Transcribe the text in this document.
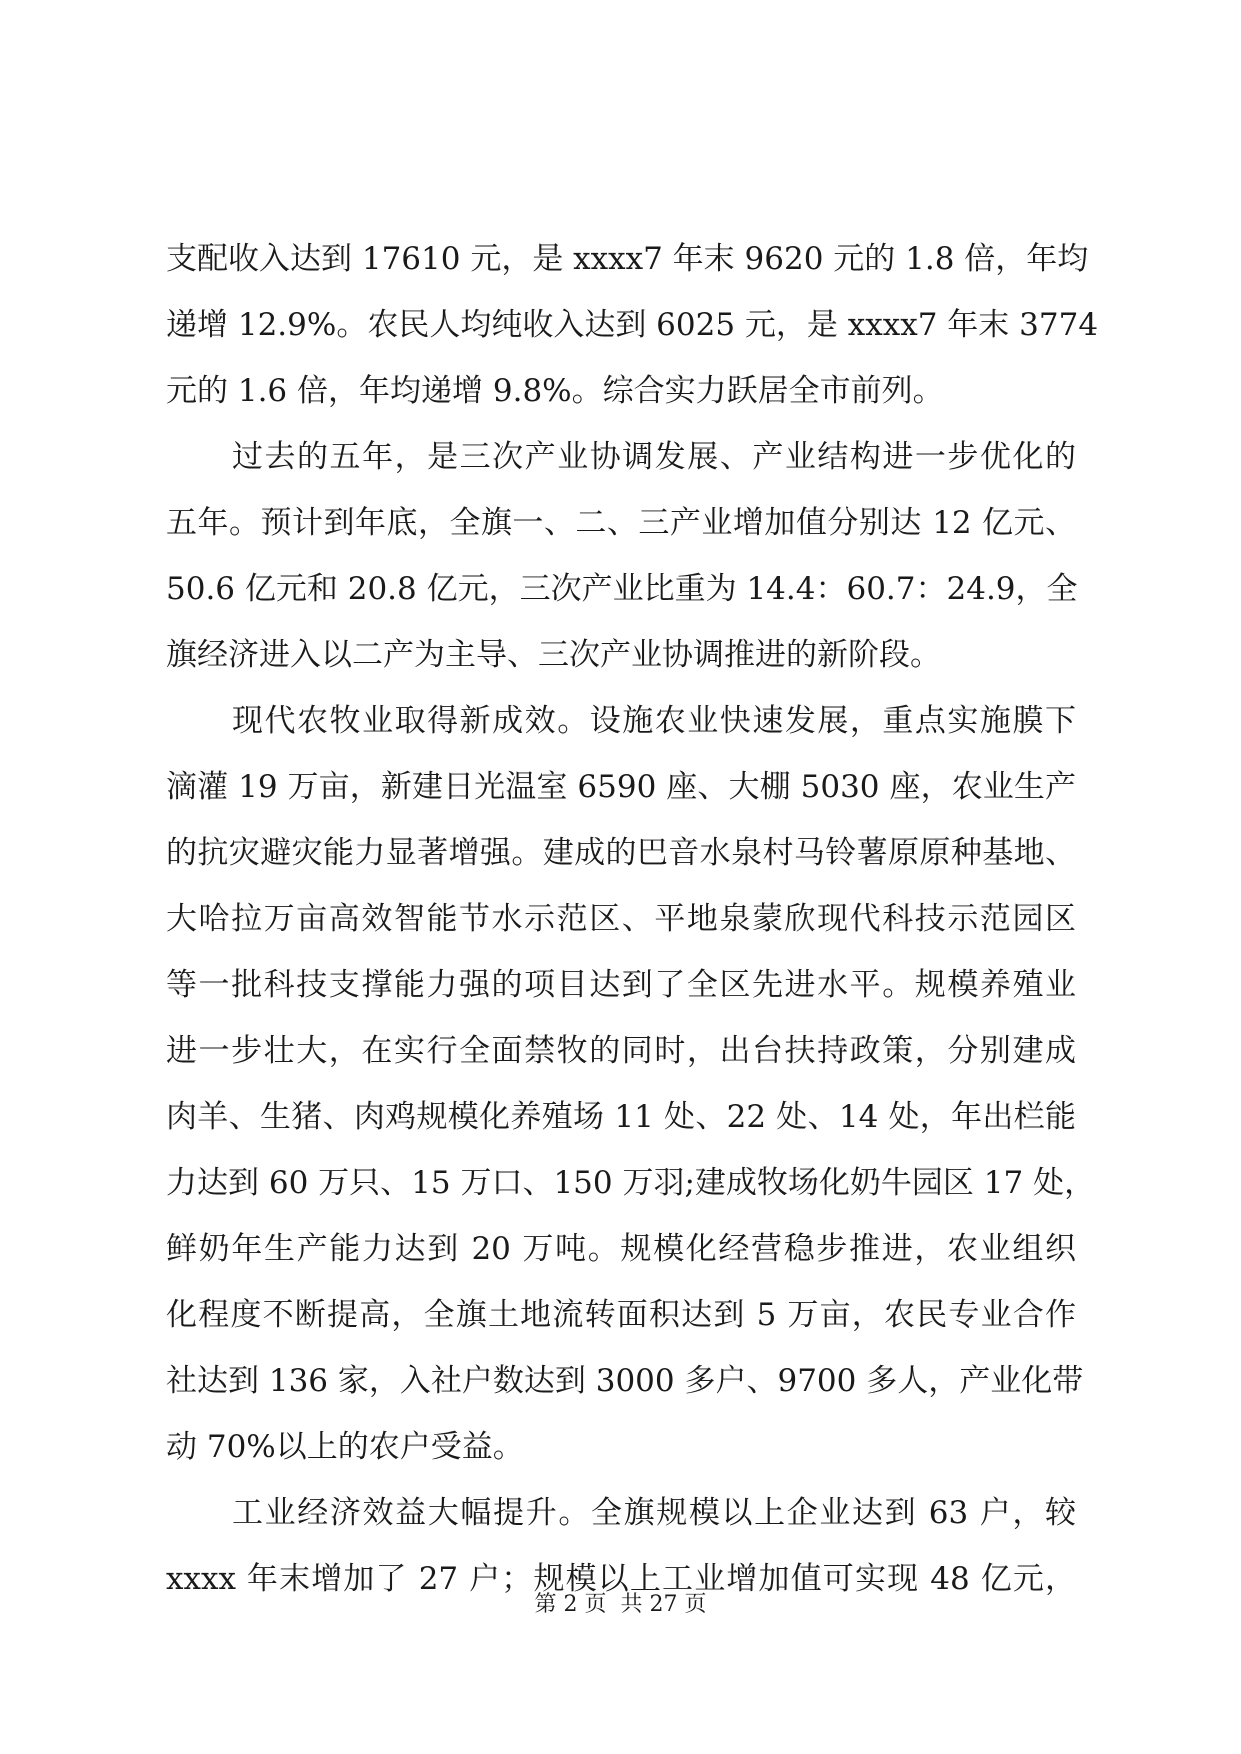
支配收入达到 17610 元，是 xxxx7 年末 9620 元的 1.8 倍，年均
递增 12.9%。农民人均纯收入达到 6025 元，是 xxxx7 年末 3774
元的 1.6 倍，年均递增 9.8%。综合实力跃居全市前列。
过去的五年，是三次产业协调发展、产业结构进一步优化的
五年。预计到年底，全旗一、二、三产业增加值分别达 12 亿元、
50.6 亿元和 20.8 亿元，三次产业比重为 14.4：60.7：24.9，全
旗经济进入以二产为主导、三次产业协调推进的新阶段。
现代农牧业取得新成效。设施农业快速发展，重点实施膜下
滴灌 19 万亩，新建日光温室 6590 座、大棚 5030 座，农业生产
的抗灾避灾能力显著增强。建成的巴音水泉村马铃薯原原种基地、
大哈拉万亩高效智能节水示范区、平地泉蒙欣现代科技示范园区
等一批科技支撑能力强的项目达到了全区先进水平。规模养殖业
进一步壮大，在实行全面禁牧的同时，出台扶持政策，分别建成
肉羊、生猪、肉鸡规模化养殖场 11 处、22 处、14 处，年出栏能
力达到 60 万只、15 万口、150 万羽;建成牧场化奶牛园区 17 处，
鲜奶年生产能力达到 20 万吨。规模化经营稳步推进，农业组织
化程度不断提高，全旗土地流转面积达到 5 万亩，农民专业合作
社达到 136 家，入社户数达到 3000 多户、9700 多人，产业化带
动 70%以上的农户受益。
工业经济效益大幅提升。全旗规模以上企业达到 63 户，较
xxxx 年末增加了 27 户；规模以上工业增加值可实现 48 亿元，
第 2 页  共 27 页
